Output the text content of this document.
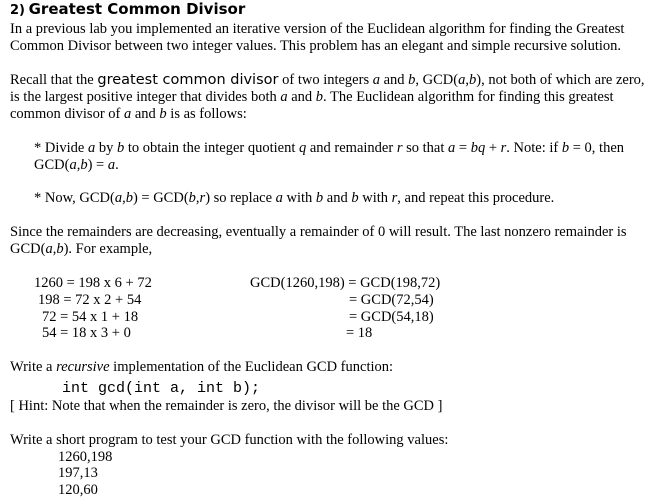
2) Greatest Common Divisor
In a previous lab you implemented an iterative version of the Euclidean algorithm for finding the Greatest Common Divisor between two integer values. This problem has an elegant and simple recursive solution.
Recall that the greatest common divisor of two integers a and b, GCD(a,b), not both of which are zero, is the largest positive integer that divides both a and b. The Euclidean algorithm for finding this greatest common divisor of a and b is as follows:
* Divide a by b to obtain the integer quotient q and remainder r so that a = bq + r. Note: if b = 0, then
GCD(a,b) = a.
* Now, GCD(a,b) = GCD(b,r) so replace a with b and b with r, and repeat this procedure.
Since the remainders are decreasing, eventually a remainder of 0 will result. The last nonzero remainder is
GCD(a,b). For example,
1260 = 198 x 6 + 72
198 = 72 x 2 + 54
72 = 54 x 1 + 18
54 = 18 x 3 + 0
GCD(1260,198) = GCD(198,72)
= GCD(72,54)
= GCD(54,18)
= 18
Write a recursive implementation of the Euclidean GCD function:
int gcd(int a, int b);
[ Hint: Note that when the remainder is zero, the divisor will be the GCD ]
Write a short program to test your GCD function with the following values:
1260,198
197,13
120,60
